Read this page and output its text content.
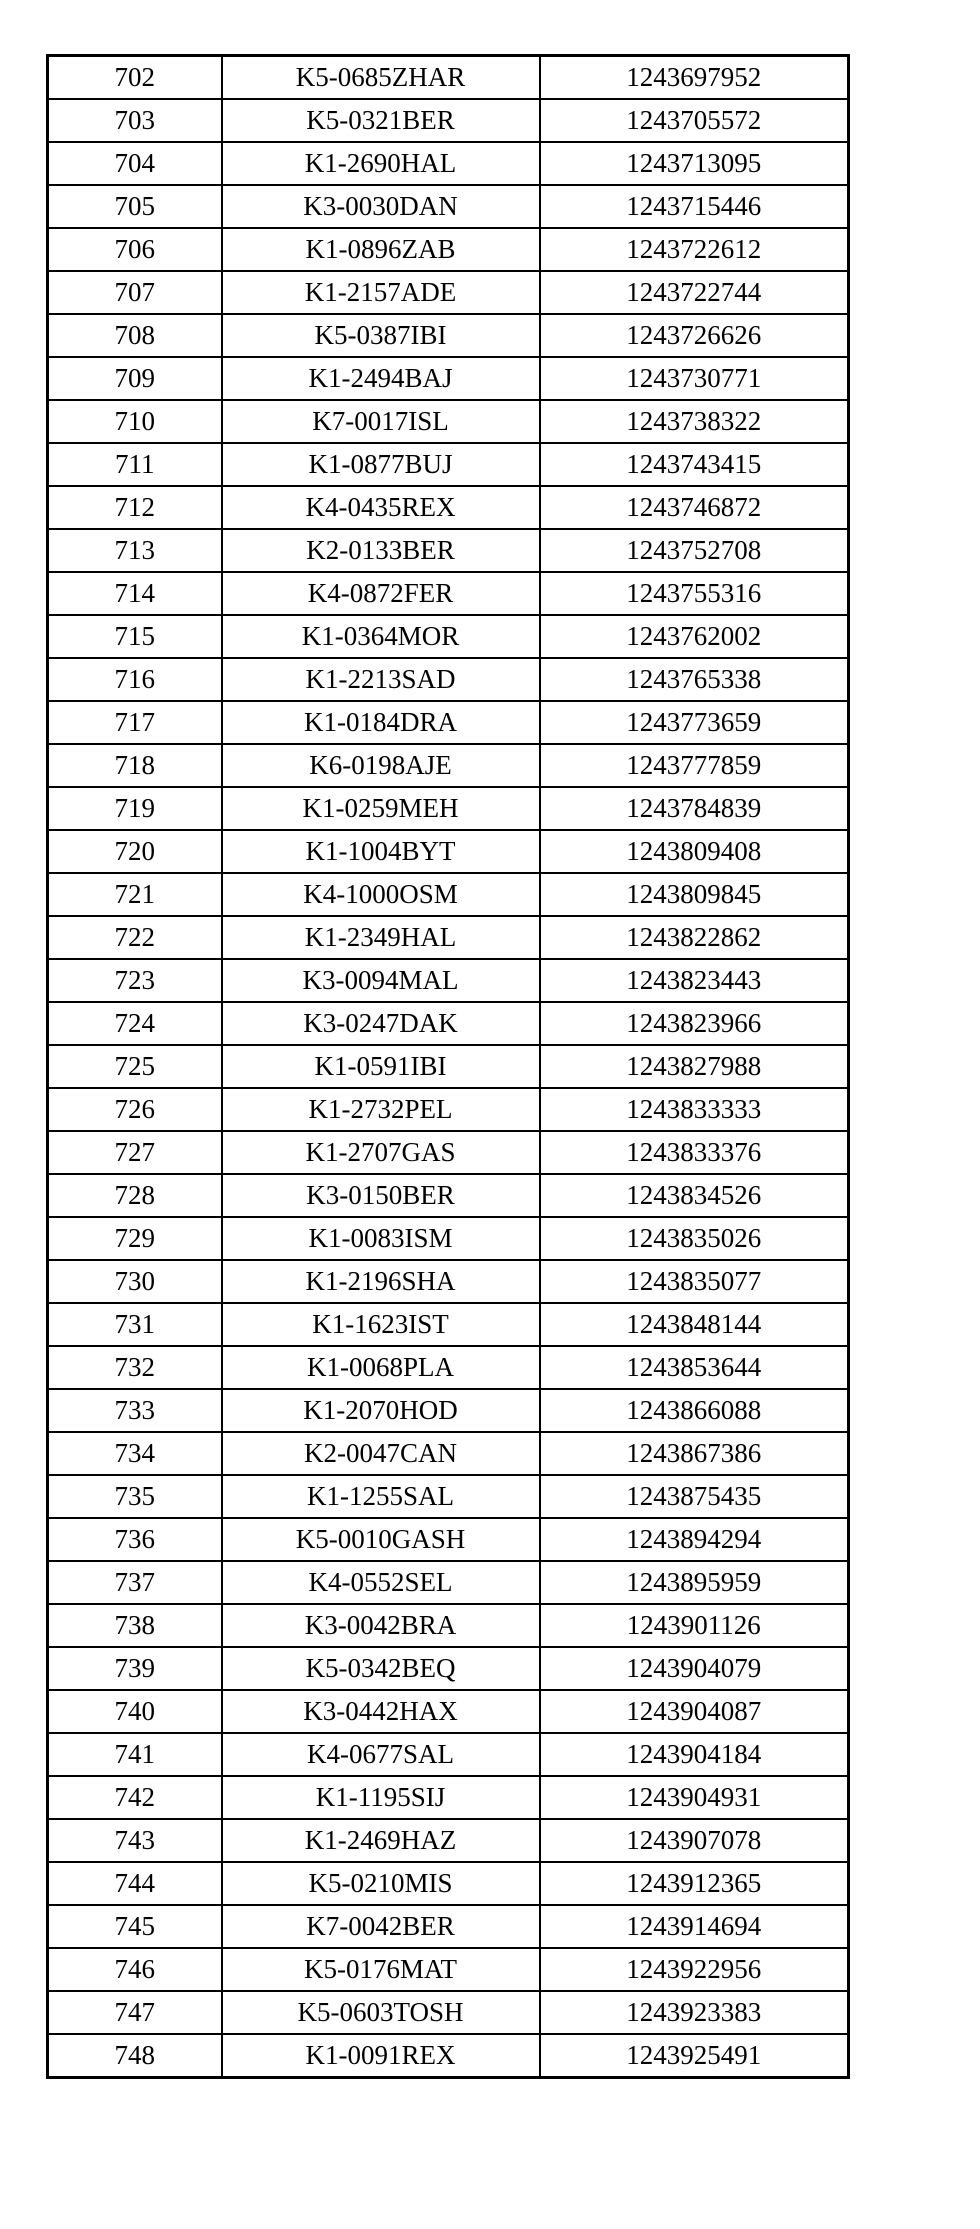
702	K5-0685ZHAR	1243697952
703	K5-0321BER	1243705572
704	K1-2690HAL	1243713095
705	K3-0030DAN	1243715446
706	K1-0896ZAB	1243722612
707	K1-2157ADE	1243722744
708	K5-0387IBI	1243726626
709	K1-2494BAJ	1243730771
710	K7-0017ISL	1243738322
711	K1-0877BUJ	1243743415
712	K4-0435REX	1243746872
713	K2-0133BER	1243752708
714	K4-0872FER	1243755316
715	K1-0364MOR	1243762002
716	K1-2213SAD	1243765338
717	K1-0184DRA	1243773659
718	K6-0198AJE	1243777859
719	K1-0259MEH	1243784839
720	K1-1004BYT	1243809408
721	K4-1000OSM	1243809845
722	K1-2349HAL	1243822862
723	K3-0094MAL	1243823443
724	K3-0247DAK	1243823966
725	K1-0591IBI	1243827988
726	K1-2732PEL	1243833333
727	K1-2707GAS	1243833376
728	K3-0150BER	1243834526
729	K1-0083ISM	1243835026
730	K1-2196SHA	1243835077
731	K1-1623IST	1243848144
732	K1-0068PLA	1243853644
733	K1-2070HOD	1243866088
734	K2-0047CAN	1243867386
735	K1-1255SAL	1243875435
736	K5-0010GASH	1243894294
737	K4-0552SEL	1243895959
738	K3-0042BRA	1243901126
739	K5-0342BEQ	1243904079
740	K3-0442HAX	1243904087
741	K4-0677SAL	1243904184
742	K1-1195SIJ	1243904931
743	K1-2469HAZ	1243907078
744	K5-0210MIS	1243912365
745	K7-0042BER	1243914694
746	K5-0176MAT	1243922956
747	K5-0603TOSH	1243923383
748	K1-0091REX	1243925491
